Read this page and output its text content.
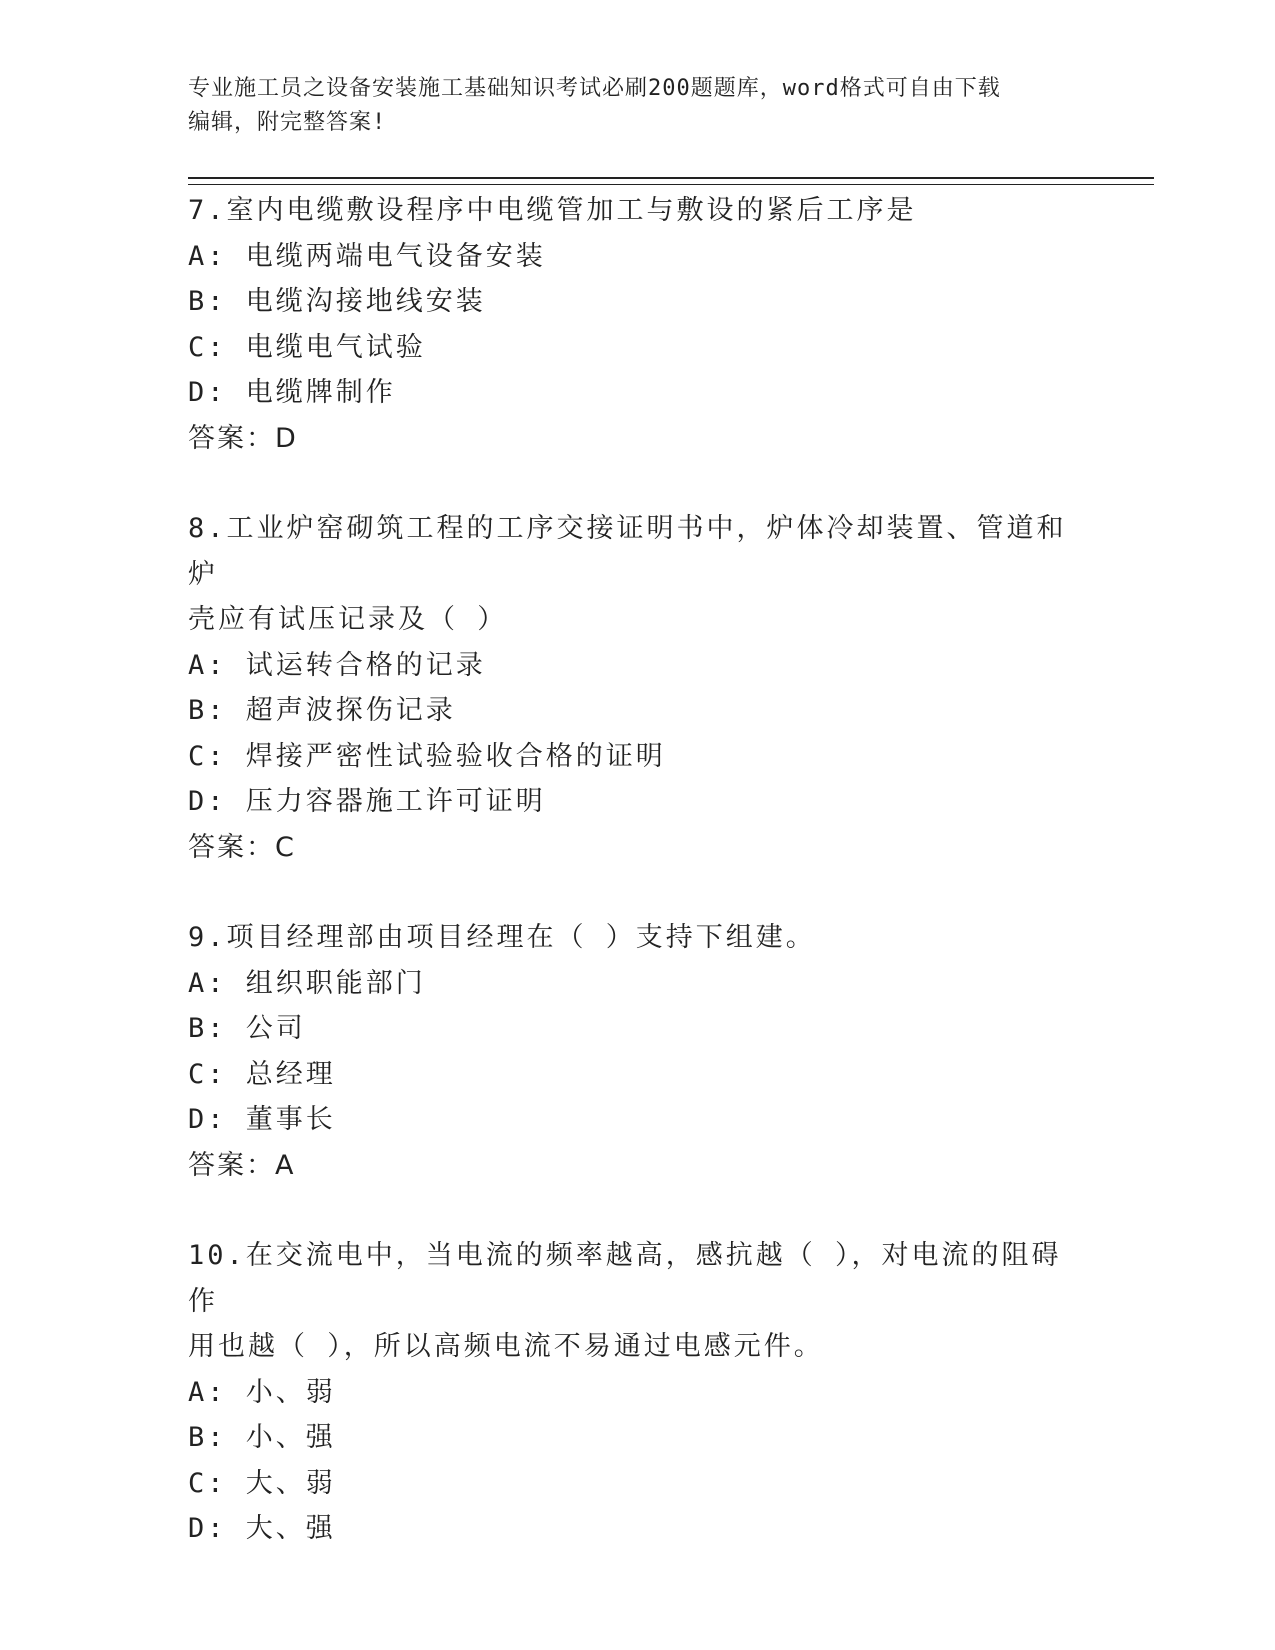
专业施工员之设备安装施工基础知识考试必刷200题题库，word格式可自由下载
编辑，附完整答案!
7.室内电缆敷设程序中电缆管加工与敷设的紧后工序是
A: 电缆两端电气设备安装
B: 电缆沟接地线安装
C: 电缆电气试验
D: 电缆牌制作
答案：D
8.工业炉窑砌筑工程的工序交接证明书中，炉体冷却装置、管道和炉
壳应有试压记录及（ ）
A: 试运转合格的记录
B: 超声波探伤记录
C: 焊接严密性试验验收合格的证明
D: 压力容器施工许可证明
答案：C
9.项目经理部由项目经理在（ ）支持下组建。
A: 组织职能部门
B: 公司
C: 总经理
D: 董事长
答案：A
10.在交流电中，当电流的频率越高，感抗越（ ），对电流的阻碍作
用也越（ ），所以高频电流不易通过电感元件。
A: 小、弱
B: 小、强
C: 大、弱
D: 大、强
